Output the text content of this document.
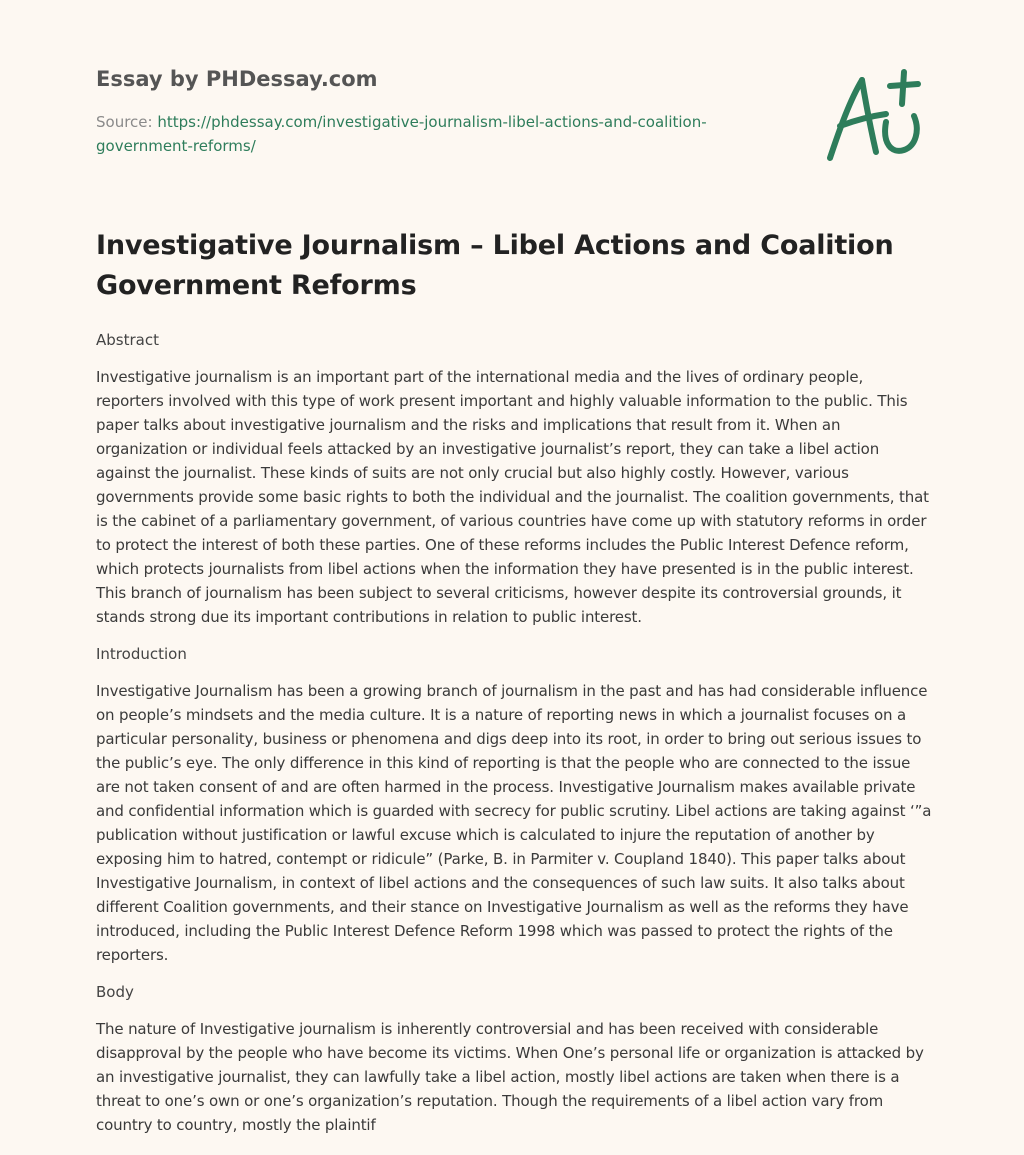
Essay by PHDessay.com

Source: https://phdessay.com/investigative-journalism-libel-actions-and-coalition-
government-reforms/
Investigative Journalism – Libel Actions and Coalition Government Reforms

Abstract

Investigative journalism is an important part of the international media and the lives of ordinary people, reporters involved with this type of work present important and highly valuable information to the public. This paper talks about investigative journalism and the risks and implications that result from it. When an organization or individual feels attacked by an investigative journalist’s report, they can take a libel action against the journalist. These kinds of suits are not only crucial but also highly costly. However, various governments provide some basic rights to both the individual and the journalist. The coalition governments, that is the cabinet of a parliamentary government, of various countries have come up with statutory reforms in order to protect the interest of both these parties. One of these reforms includes the Public Interest Defence reform, which protects journalists from libel actions when the information they have presented is in the public interest. This branch of journalism has been subject to several criticisms, however despite its controversial grounds, it stands strong due its important contributions in relation to public interest.

Introduction

Investigative Journalism has been a growing branch of journalism in the past and has had considerable influence on people’s mindsets and the media culture. It is a nature of reporting news in which a journalist focuses on a particular personality, business or phenomena and digs deep into its root, in order to bring out serious issues to the public’s eye. The only difference in this kind of reporting is that the people who are connected to the issue are not taken consent of and are often harmed in the process. Investigative Journalism makes available private and confidential information which is guarded with secrecy for public scrutiny. Libel actions are taking against ‘”a publication without justification or lawful excuse which is calculated to injure the reputation of another by exposing him to hatred, contempt or ridicule” (Parke, B. in Parmiter v. Coupland 1840). This paper talks about Investigative Journalism, in context of libel actions and the consequences of such law suits. It also talks about different Coalition governments, and their stance on Investigative Journalism as well as the reforms they have introduced, including the Public Interest Defence Reform 1998 which was passed to protect the rights of the reporters.

Body

The nature of Investigative journalism is inherently controversial and has been received with considerable disapproval by the people who have become its victims. When One’s personal life or organization is attacked by an investigative journalist, they can lawfully take a libel action, mostly libel actions are taken when there is a threat to one’s own or one’s organization’s reputation. Though the requirements of a libel action vary from country to country, mostly the plaintif
